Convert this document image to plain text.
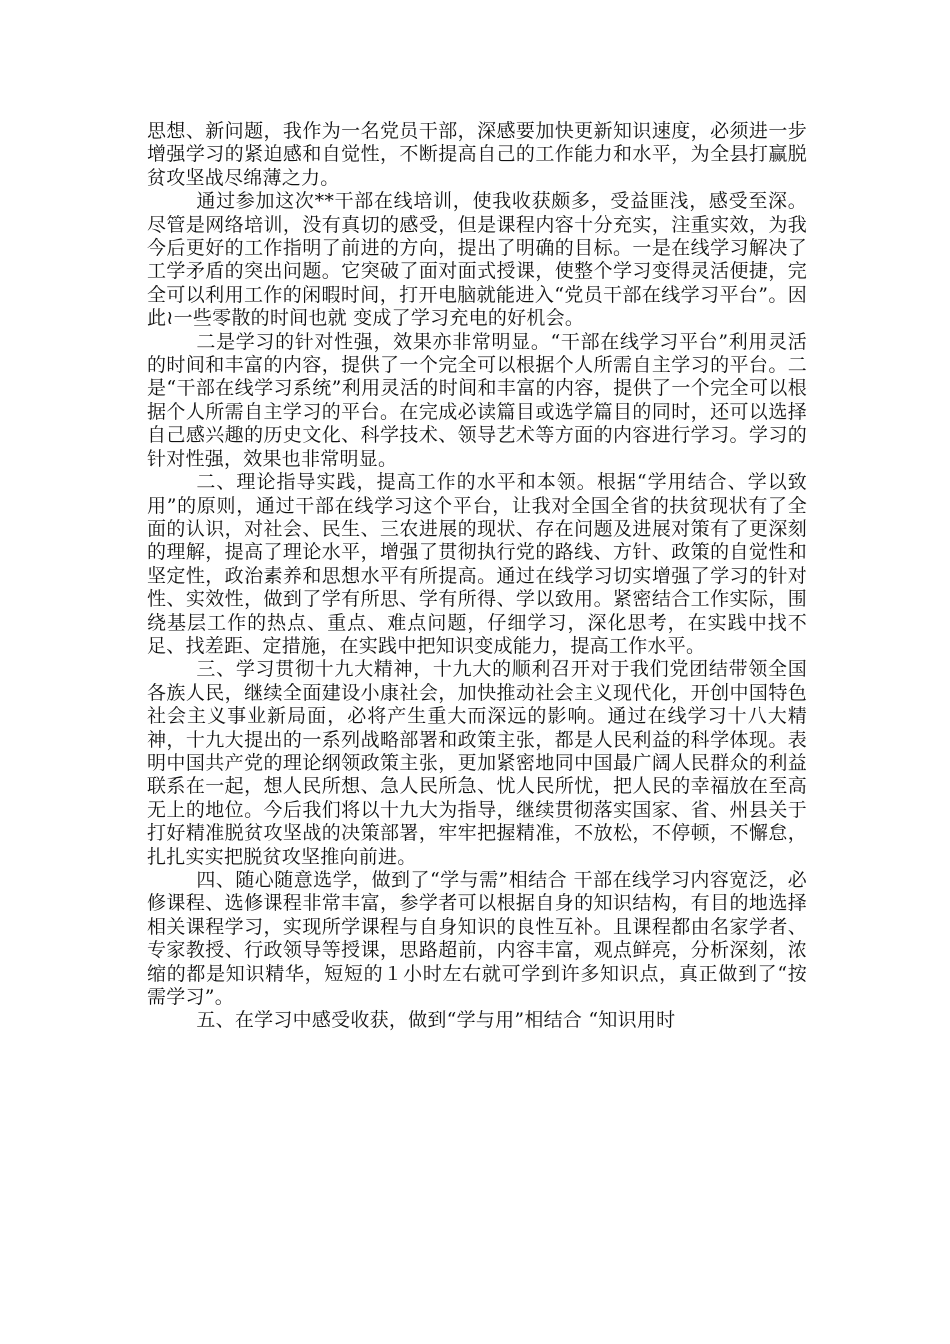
思想、新问题，我作为一名党员干部，深感要加快更新知识速度，必须进一步增强学习的紧迫感和自觉性，不断提高自己的工作能力和水平，为全县打赢脱贫攻坚战尽绵薄之力。

通过参加这次**干部在线培训，使我收获颇多，受益匪浅，感受至深。尽管是网络培训，没有真切的感受，但是课程内容十分充实，注重实效，为我今后更好的工作指明了前进的方向，提出了明确的目标。一是在线学习解决了工学矛盾的突出问题。它突破了面对面式授课，使整个学习变得灵活便捷，完全可以利用工作的闲暇时间，打开电脑就能进入“党员干部在线学习平台”。因此≀一些零散的时间也就 变成了学习充电的好机会。

二是学习的针对性强，效果亦非常明显。“干部在线学习平台”利用灵活的时间和丰富的内容，提供了一个完全可以根据个人所需自主学习的平台。二是“干部在线学习系统”利用灵活的时间和丰富的内容，提供了一个完全可以根据个人所需自主学习的平台。在完成必读篇目或选学篇目的同时，还可以选择自己感兴趣的历史文化、科学技术、领导艺术等方面的内容进行学习。学习的针对性强，效果也非常明显。

二、理论指导实践，提高工作的水平和本领。根据“学用结合、学以致用”的原则，通过干部在线学习这个平台，让我对全国全省的扶贫现状有了全面的认识，对社会、民生、三农进展的现状、存在问题及进展对策有了更深刻的理解，提高了理论水平，增强了贯彻执行党的路线、方针、政策的自觉性和坚定性，政治素养和思想水平有所提高。通过在线学习切实增强了学习的针对性、实效性，做到了学有所思、学有所得、学以致用。紧密结合工作实际，围绕基层工作的热点、重点、难点问题，仔细学习，深化思考，在实践中找不足、找差距、定措施，在实践中把知识变成能力，提高工作水平。

三、学习贯彻十九大精神，十九大的顺利召开对于我们党团结带领全国各族人民，继续全面建设小康社会，加快推动社会主义现代化，开创中国特色社会主义事业新局面，必将产生重大而深远的影响。通过在线学习十八大精神，十九大提出的一系列战略部署和政策主张，都是人民利益的科学体现。表明中国共产党的理论纲领政策主张，更加紧密地同中国最广阔人民群众的利益联系在一起，想人民所想、急人民所急、忧人民所忧，把人民的幸福放在至高无上的地位。今后我们将以十九大为指导，继续贯彻落实国家、省、州县关于打好精准脱贫攻坚战的决策部署，牢牢把握精准，不放松，不停顿，不懈怠，扎扎实实把脱贫攻坚推向前进。

四、随心随意选学，做到了“学与需”相结合 干部在线学习内容宽泛，必修课程、选修课程非常丰富，参学者可以根据自身的知识结构，有目的地选择相关课程学习，实现所学课程与自身知识的良性互补。且课程都由名家学者、专家教授、行政领导等授课，思路超前，内容丰富，观点鲜亮，分析深刻，浓缩的都是知识精华，短短的１小时左右就可学到许多知识点，真正做到了“按需学习”。

五、在学习中感受收获，做到“学与用”相结合 “知识用时
